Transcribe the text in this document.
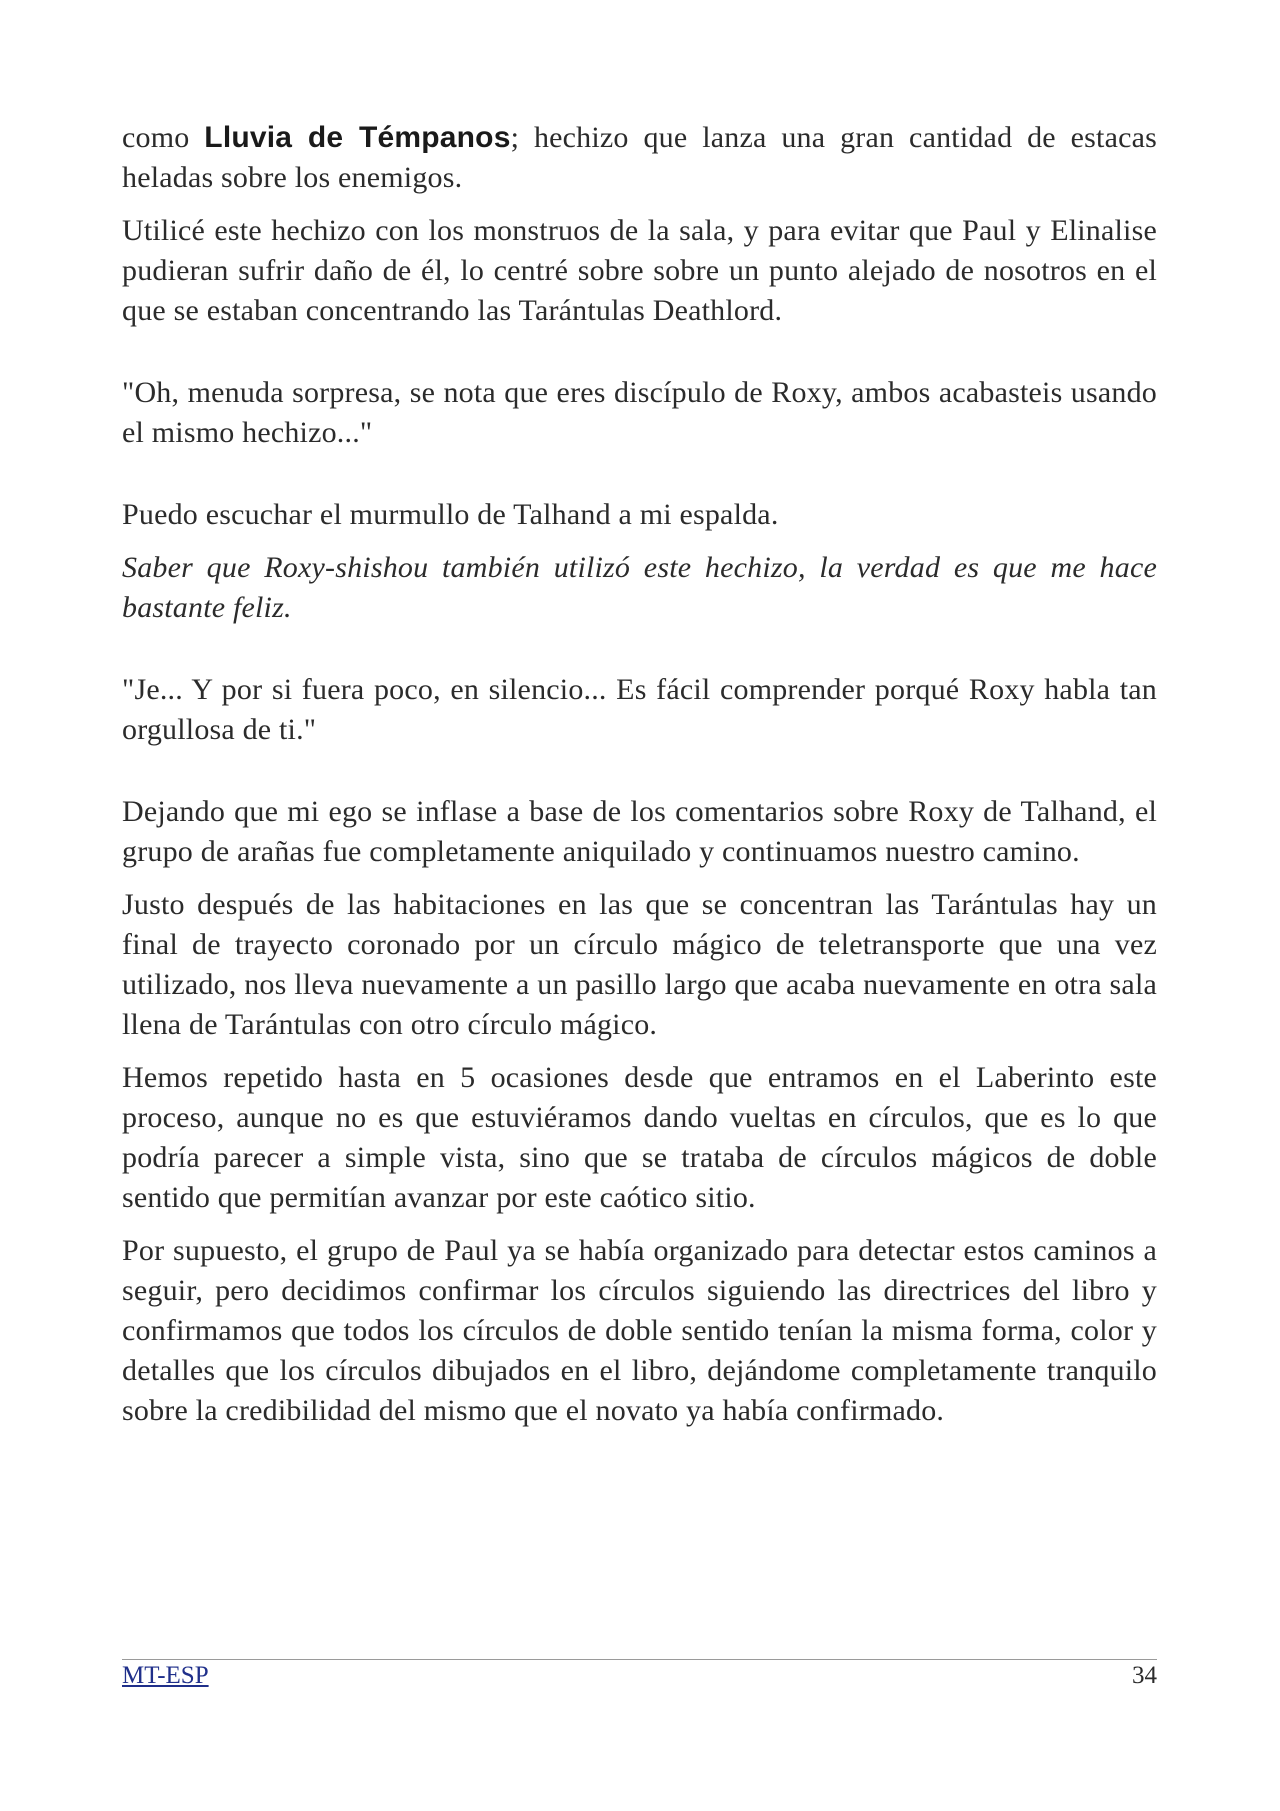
como Lluvia de Témpanos; hechizo que lanza una gran cantidad de estacas heladas sobre los enemigos.

Utilicé este hechizo con los monstruos de la sala, y para evitar que Paul y Elinalise pudieran sufrir daño de él, lo centré sobre sobre un punto alejado de nosotros en el que se estaban concentrando las Tarántulas Deathlord.

"Oh, menuda sorpresa, se nota que eres discípulo de Roxy, ambos acabasteis usando el mismo hechizo..."

Puedo escuchar el murmullo de Talhand a mi espalda.

Saber que Roxy-shishou también utilizó este hechizo, la verdad es que me hace bastante feliz.

"Je... Y por si fuera poco, en silencio... Es fácil comprender porqué Roxy habla tan orgullosa de ti."

Dejando que mi ego se inflase a base de los comentarios sobre Roxy de Talhand, el grupo de arañas fue completamente aniquilado y continuamos nuestro camino.

Justo después de las habitaciones en las que se concentran las Tarántulas hay un final de trayecto coronado por un círculo mágico de teletransporte que una vez utilizado, nos lleva nuevamente a un pasillo largo que acaba nuevamente en otra sala llena de Tarántulas con otro círculo mágico.

Hemos repetido hasta en 5 ocasiones desde que entramos en el Laberinto este proceso, aunque no es que estuviéramos dando vueltas en círculos, que es lo que podría parecer a simple vista, sino que se trataba de círculos mágicos de doble sentido que permitían avanzar por este caótico sitio.

Por supuesto, el grupo de Paul ya se había organizado para detectar estos caminos a seguir, pero decidimos confirmar los círculos siguiendo las directrices del libro y confirmamos que todos los círculos de doble sentido tenían la misma forma, color y detalles que los círculos dibujados en el libro, dejándome completamente tranquilo sobre la credibilidad del mismo que el novato ya había confirmado.

MT-ESP	34
